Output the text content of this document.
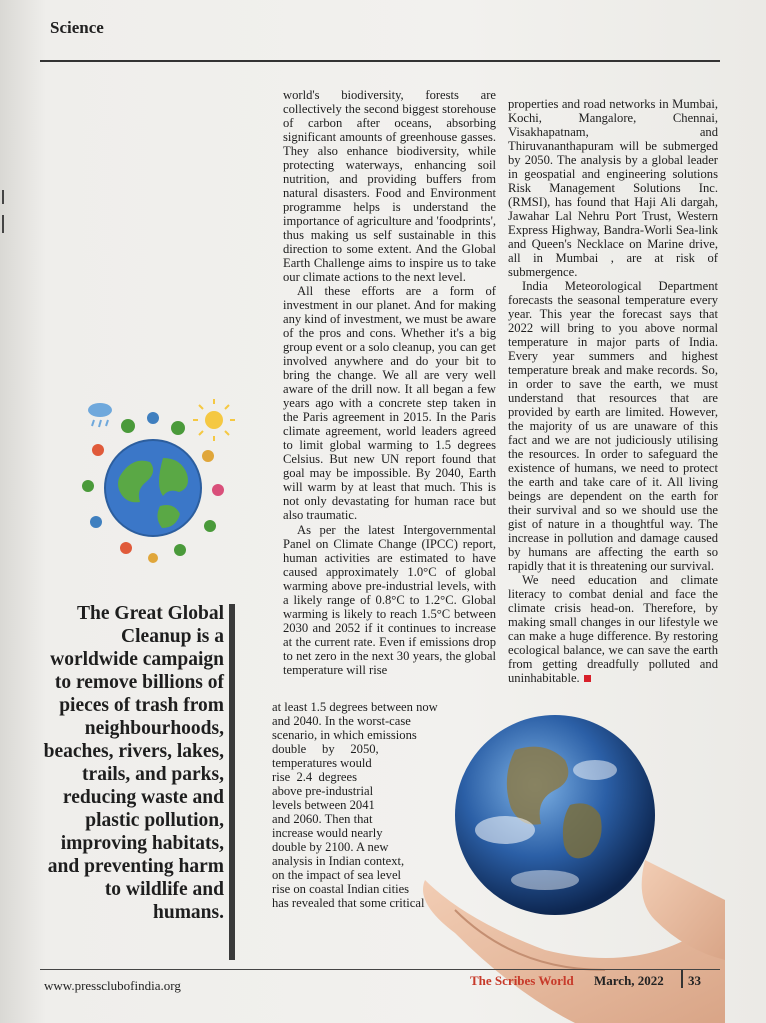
Science

world's biodiversity, forests are collectively the second biggest storehouse of carbon after oceans, absorbing significant amounts of greenhouse gasses. They also enhance biodiversity, while protecting waterways, enhancing soil nutrition, and providing buffers from natural disasters. Food and Environment programme helps is understand the importance of agriculture and 'foodprints', thus making us self sustainable in this direction to some extent. And the Global Earth Challenge aims to inspire us to take our climate actions to the next level.

All these efforts are a form of investment in our planet. And for making any kind of investment, we must be aware of the pros and cons. Whether it's a big group event or a solo cleanup, you can get involved anywhere and do your bit to bring the change. We all are very well aware of the drill now. It all began a few years ago with a concrete step taken in the Paris agreement in 2015. In the Paris climate agreement, world leaders agreed to limit global warming to 1.5 degrees Celsius. But new UN report found that goal may be impossible. By 2040, Earth will warm by at least that much. This is not only devastating for human race but also traumatic.

As per the latest Intergovernmental Panel on Climate Change (IPCC) report, human activities are estimated to have caused approximately 1.0°C of global warming above pre-industrial levels, with a likely range of 0.8°C to 1.2°C. Global warming is likely to reach 1.5°C between 2030 and 2052 if it continues to increase at the current rate. Even if emissions drop to net zero in the next 30 years, the global temperature will rise

at least 1.5 degrees between now

and 2040. In the worst-case

scenario, in which emissions

double     by     2050,

temperatures would

rise  2.4  degrees

above pre-industrial

levels between 2041

and 2060. Then that

increase would nearly

double by 2100. A new

analysis in Indian context,

on the impact of sea level

rise on coastal Indian cities

has revealed that some critical

properties and road networks in Mumbai, Kochi, Mangalore, Chennai, Visakhapatnam, and Thiruvananthapuram will be submerged by 2050. The analysis by a global leader in geospatial and engineering solutions Risk Management Solutions Inc. (RMSI), has found that Haji Ali dargah, Jawahar Lal Nehru Port Trust, Western Express Highway, Bandra-Worli Sea-link and Queen's Necklace on Marine drive, all in Mumbai , are at risk of submergence.

India Meteorological Department forecasts the seasonal temperature every year. This year the forecast says that 2022 will bring to you above normal temperature in major parts of India. Every year summers and highest temperature break and make records. So, in order to save the earth, we must understand that resources that are provided by earth are limited. However, the majority of us are unaware of this fact and we are not judiciously utilising the resources. In order to safeguard the existence of humans, we need to protect the earth and take care of it. All living beings are dependent on the earth for their survival and so we should use the gist of nature in a thoughtful way. The increase in pollution and damage caused by humans are affecting the earth so rapidly that it is threatening our survival.

We need education and climate literacy to combat denial and face the climate crisis head-on. Therefore, by making small changes in our lifestyle we can make a huge difference. By restoring ecological balance, we can save the earth from getting dreadfully polluted and uninhabitable.

The Great Global Cleanup is a worldwide campaign to remove billions of pieces of trash from neighbourhoods, beaches, rivers, lakes, trails, and parks, reducing waste and plastic pollution, improving habitats, and preventing harm to wildlife and humans.
www.pressclubofindia.org	The Scribes World March, 2022 33
